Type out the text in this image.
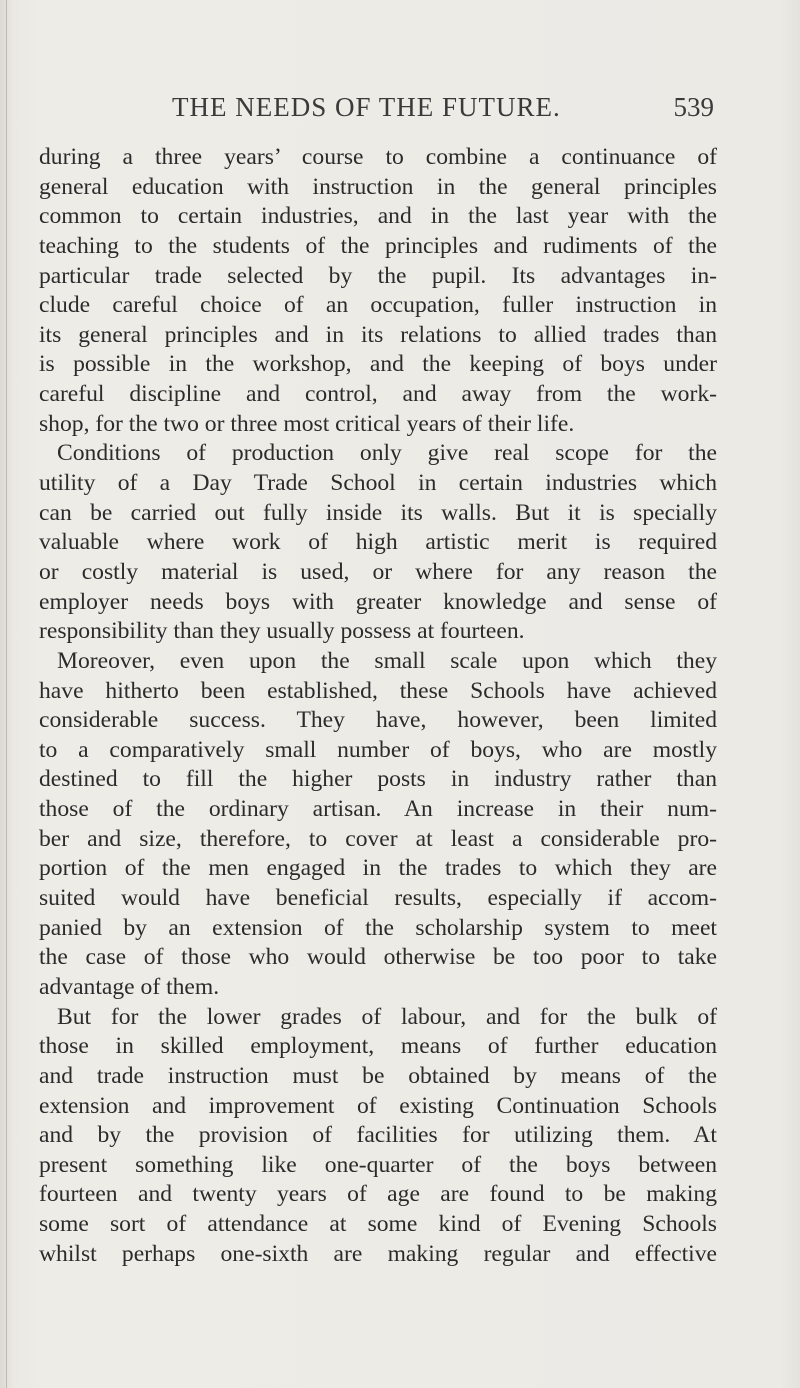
THE NEEDS OF THE FUTURE.	539
during a three years’ course to combine a continuance of
general education with instruction in the general principles
common to certain industries, and in the last year with the
teaching to the students of the principles and rudiments of the
particular trade selected by the pupil. Its advantages in-
clude careful choice of an occupation, fuller instruction in
its general principles and in its relations to allied trades than
is possible in the workshop, and the keeping of boys under
careful discipline and control, and away from the work-
shop, for the two or three most critical years of their life.
Conditions of production only give real scope for the
utility of a Day Trade School in certain industries which
can be carried out fully inside its walls. But it is specially
valuable where work of high artistic merit is required
or costly material is used, or where for any reason the
employer needs boys with greater knowledge and sense of
responsibility than they usually possess at fourteen.
Moreover, even upon the small scale upon which they
have hitherto been established, these Schools have achieved
considerable success. They have, however, been limited
to a comparatively small number of boys, who are mostly
destined to fill the higher posts in industry rather than
those of the ordinary artisan. An increase in their num-
ber and size, therefore, to cover at least a considerable pro-
portion of the men engaged in the trades to which they are
suited would have beneficial results, especially if accom-
panied by an extension of the scholarship system to meet
the case of those who would otherwise be too poor to take
advantage of them.
But for the lower grades of labour, and for the bulk of
those in skilled employment, means of further education
and trade instruction must be obtained by means of the
extension and improvement of existing Continuation Schools
and by the provision of facilities for utilizing them. At
present something like one-quarter of the boys between
fourteen and twenty years of age are found to be making
some sort of attendance at some kind of Evening Schools
whilst perhaps one-sixth are making regular and effective
